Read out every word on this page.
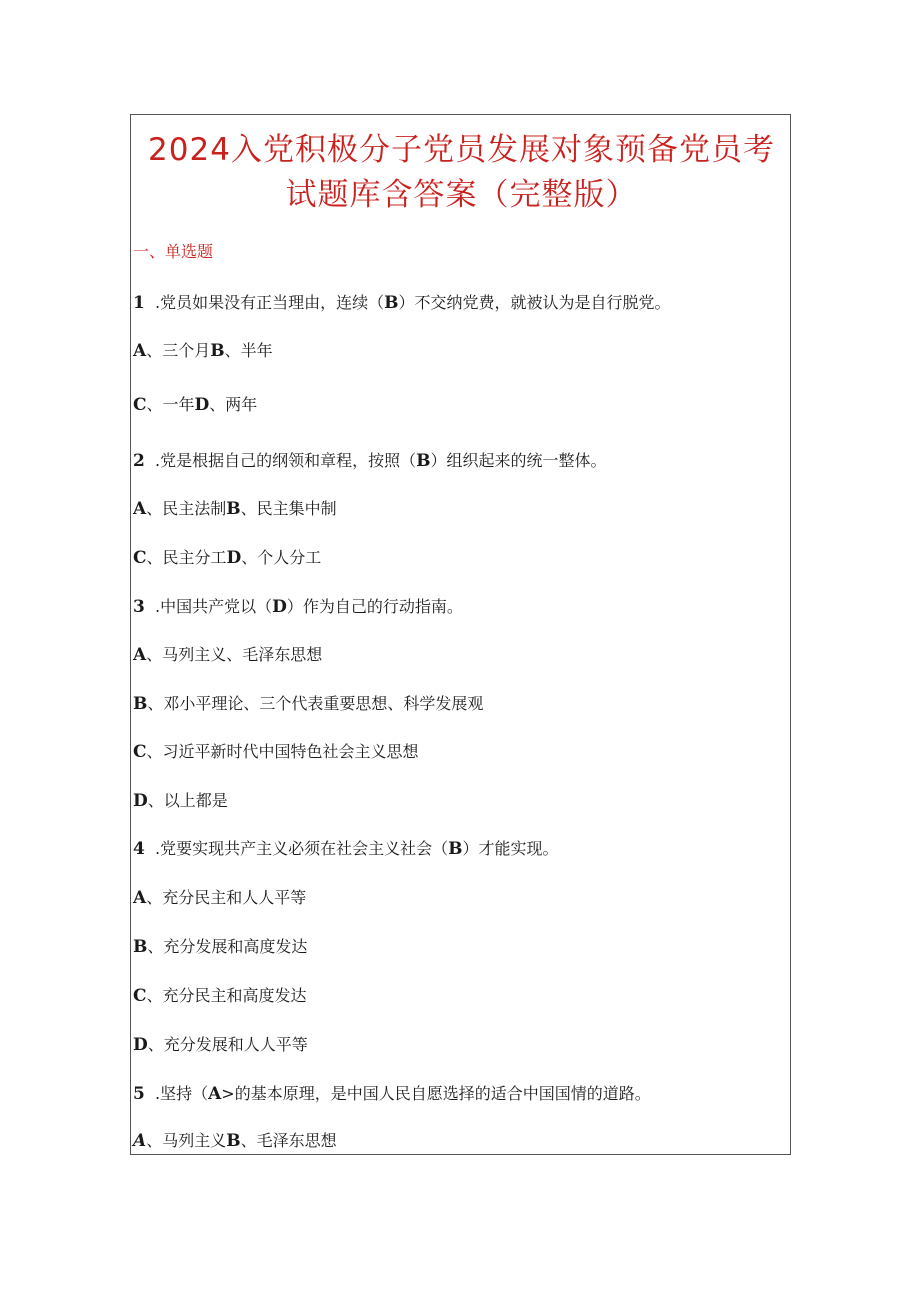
2024入党积极分子党员发展对象预备党员考
试题库含答案（完整版）
一、单选题
1 .党员如果没有正当理由，连续（B）不交纳党费，就被认为是自行脱党。
A、三个月B、半年
C、一年D、两年
2 .党是根据自己的纲领和章程，按照（B）组织起来的统一整体。
A、民主法制B、民主集中制
C、民主分工D、个人分工
3 .中国共产党以（D）作为自己的行动指南。
A、马列主义、毛泽东思想
B、邓小平理论、三个代表重要思想、科学发展观
C、习近平新时代中国特色社会主义思想
D、以上都是
4 .党要实现共产主义必须在社会主义社会（B）才能实现。
A、充分民主和人人平等
B、充分发展和高度发达
C、充分民主和高度发达
D、充分发展和人人平等
5 .坚持（A>的基本原理，是中国人民自愿选择的适合中国国情的道路。
A、马列主义B、毛泽东思想
